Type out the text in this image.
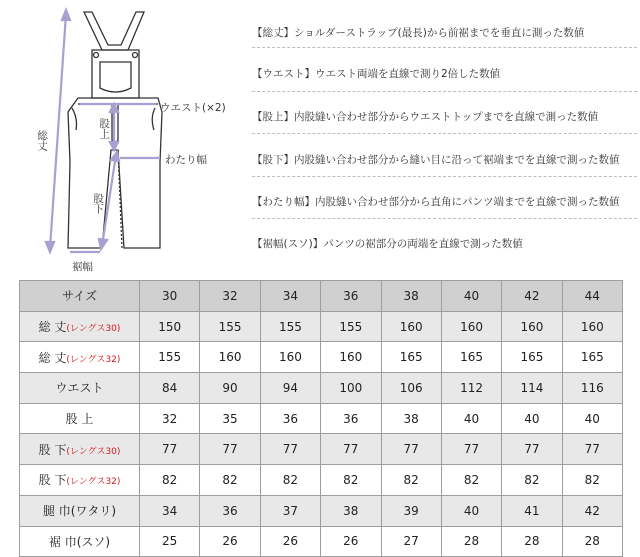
総丈
ウエスト(×2)
股上
わたり幅
股下
裾幅
【総丈】ショルダーストラップ(最長)から前裾までを垂直に測った数値
【ウエスト】ウエスト両端を直線で測り2倍した数値
【股上】内股縫い合わせ部分からウエストトップまでを直線で測った数値
【股下】内股縫い合わせ部分から縫い目に沿って裾端までを直線で測った数値
【わたり幅】内股縫い合わせ部分から直角にパンツ端までを直線で測った数値
【裾幅(スソ)】パンツの裾部分の両端を直線で測った数値
サイズ	30	32	34	36	38	40	42	44
総 丈(レングス30)	150	155	155	155	160	160	160	160
総 丈(レングス32)	155	160	160	160	165	165	165	165
ウエスト	84	90	94	100	106	112	114	116
股 上	32	35	36	36	38	40	40	40
股 下(レングス30)	77	77	77	77	77	77	77	77
股 下(レングス32)	82	82	82	82	82	82	82	82
腿 巾(ワタリ)	34	36	37	38	39	40	41	42
裾 巾(スソ)	25	26	26	26	27	28	28	28
